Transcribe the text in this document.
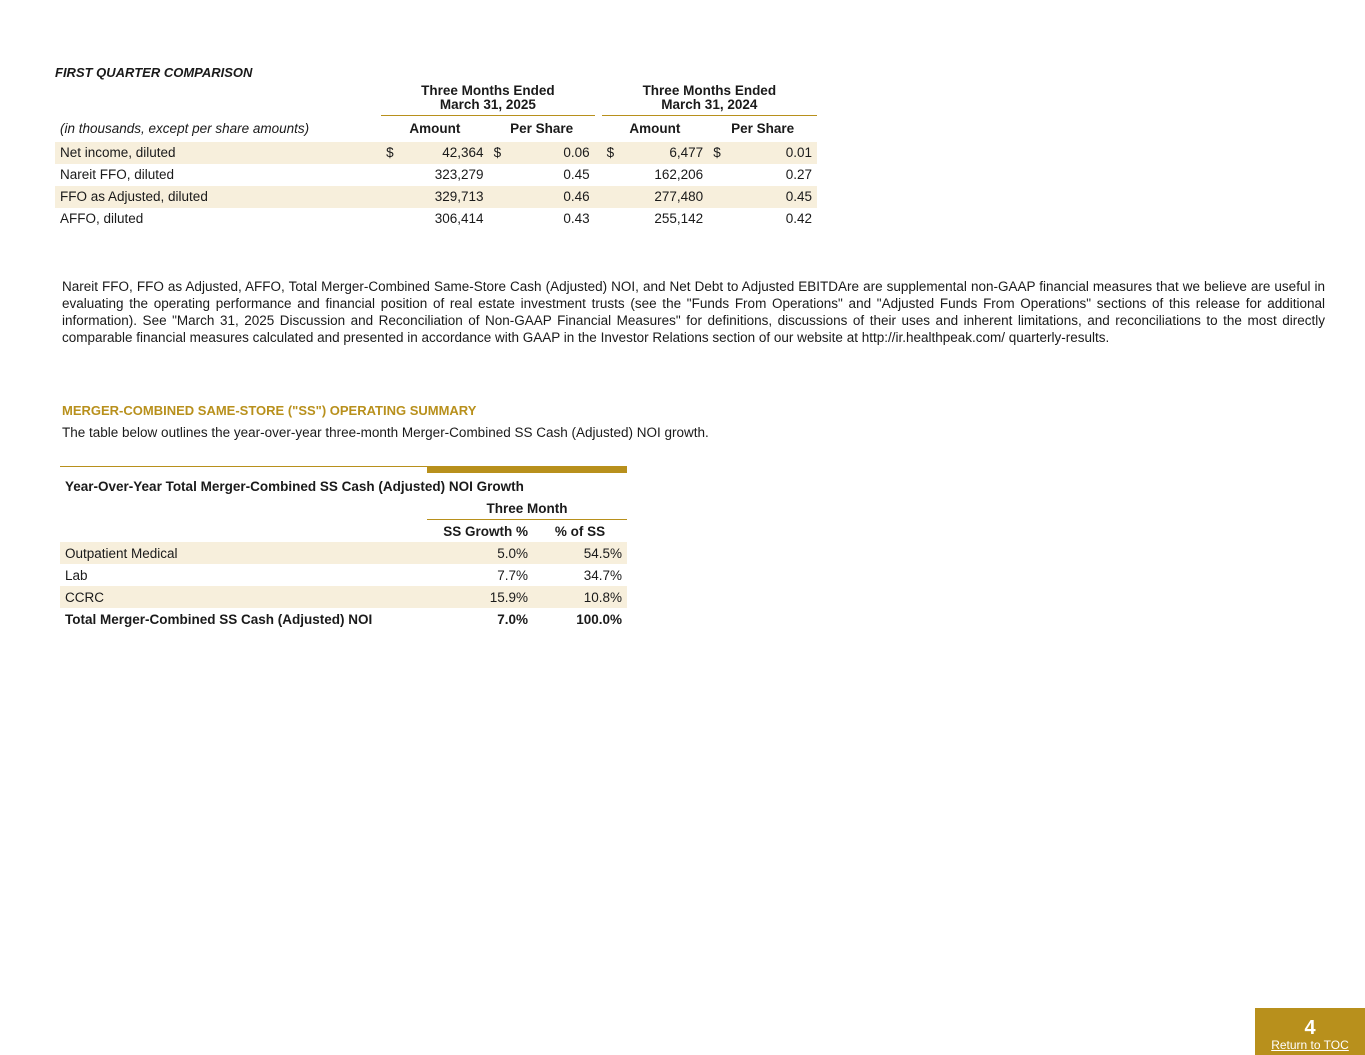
FIRST QUARTER COMPARISON
	Three Months Ended
March 31, 2025					Three Months Ended
March 31, 2024			
(in thousands, except per share amounts)	Amount		Per Share			Amount		Per Share	
Net income, diluted	$	42,364	$	0.06		$	6,477	$	0.01
Nareit FFO, diluted		323,279		0.45			162,206		0.27
FFO as Adjusted, diluted		329,713		0.46			277,480		0.45
AFFO, diluted		306,414		0.43			255,142		0.42
Nareit FFO, FFO as Adjusted, AFFO, Total Merger-Combined Same-Store Cash (Adjusted) NOI, and Net Debt to Adjusted EBITDAre are supplemental non-GAAP financial measures that we believe are useful in evaluating the operating performance and financial position of real estate investment trusts (see the "Funds From Operations" and "Adjusted Funds From Operations" sections of this release for additional information). See "March 31, 2025 Discussion and Reconciliation of Non-GAAP Financial Measures" for definitions, discussions of their uses and inherent limitations, and reconciliations to the most directly comparable financial measures calculated and presented in accordance with GAAP in the Investor Relations section of our website at http://ir.healthpeak.com/ quarterly-results.
MERGER-COMBINED SAME-STORE ("SS") OPERATING SUMMARY
The table below outlines the year-over-year three-month Merger-Combined SS Cash (Adjusted) NOI growth.
Year-Over-Year Total Merger-Combined SS Cash (Adjusted) NOI Growth		
	Three Month	
	SS Growth %	% of SS
Outpatient Medical	5.0%	54.5%
Lab	7.7%	34.7%
CCRC	15.9%	10.8%
Total Merger-Combined SS Cash (Adjusted) NOI	7.0%	100.0%
4
Return to TOC
